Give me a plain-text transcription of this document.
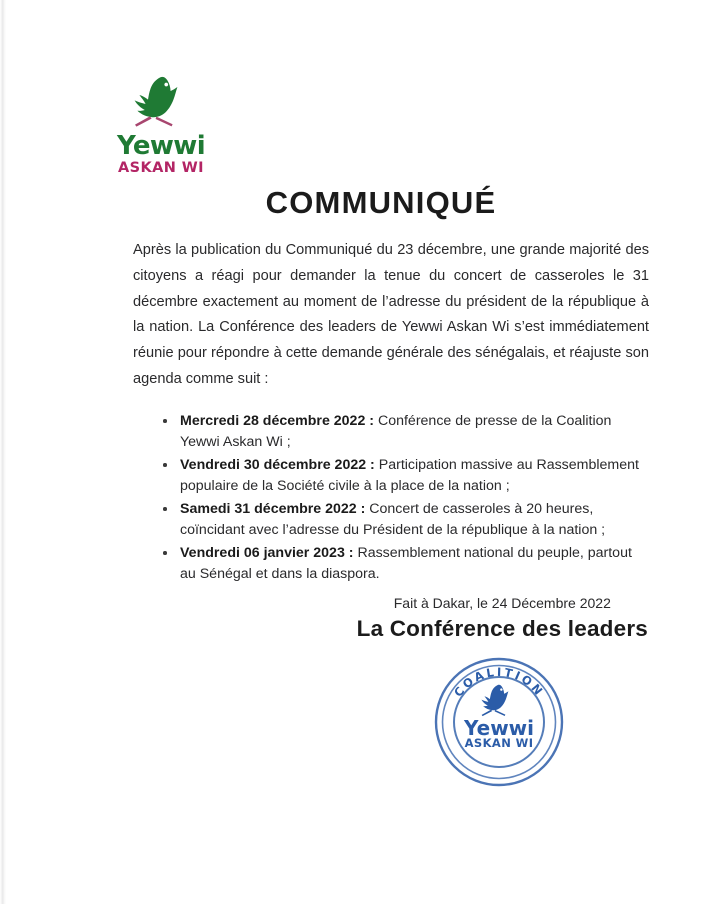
Yewwi
ASKAN WI
COMMUNIQUÉ

Après la publication du Communiqué du 23 décembre, une grande majorité des citoyens a réagi pour demander la tenue du concert de casseroles le 31 décembre exactement au moment de l’adresse du président de la république à la nation. La Conférence des leaders de Yewwi Askan Wi s’est immédiatement réunie pour répondre à cette demande générale des sénégalais, et réajuste son agenda comme suit :

Mercredi 28 décembre 2022 : Conférence de presse de la Coalition Yewwi Askan Wi ;
Vendredi 30 décembre 2022 : Participation massive au Rassemblement populaire de la Société civile à la place de la nation ;
Samedi 31 décembre 2022 : Concert de casseroles à 20 heures, coïncidant avec l’adresse du Président de la république à la nation ;
Vendredi 06 janvier 2023 : Rassemblement national du peuple, partout au Sénégal et dans la diaspora.
Fait à Dakar, le 24 Décembre 2022
La Conférence des leaders
COALITION
Yewwi
ASKAN WI
